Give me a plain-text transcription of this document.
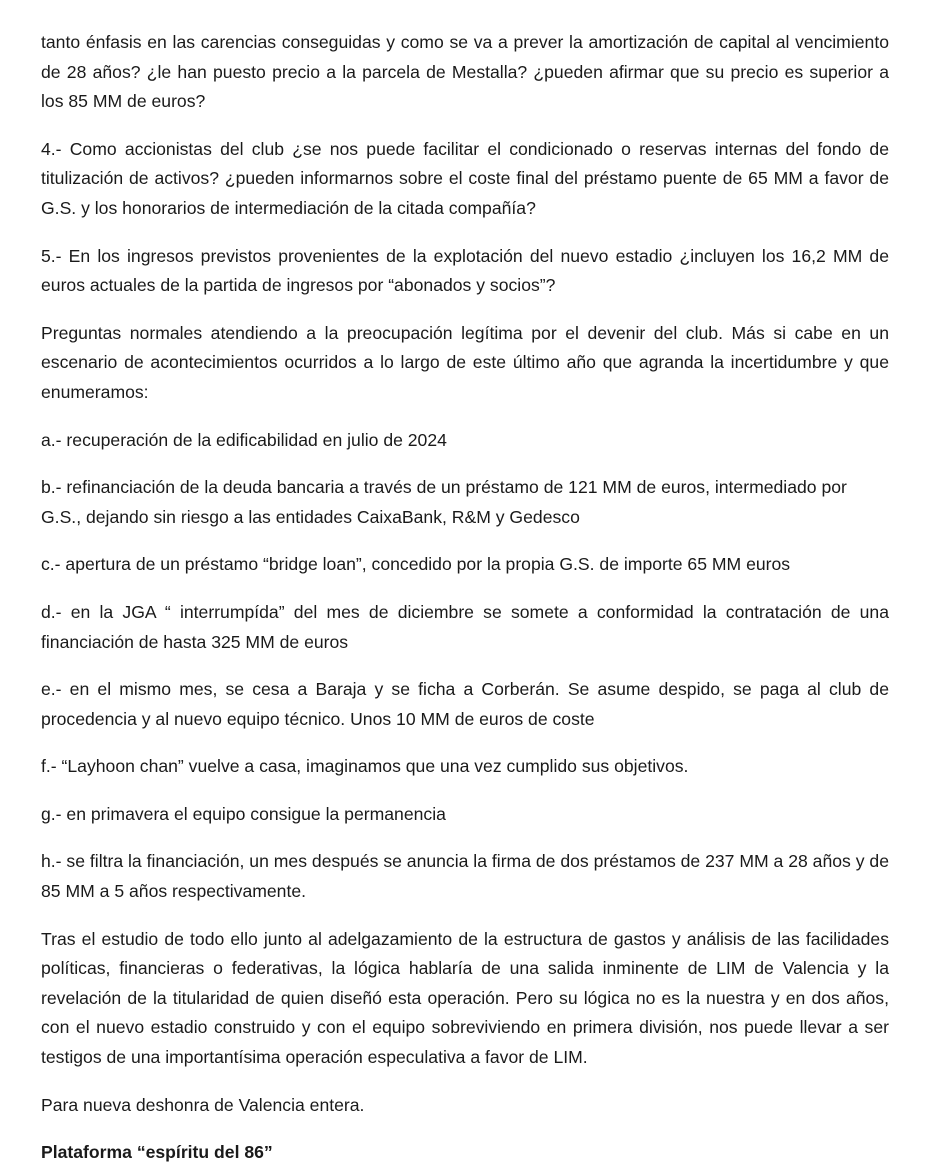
tanto énfasis en las carencias conseguidas y como se va a prever la amortización de capital al vencimiento de 28 años? ¿le han puesto precio a la parcela de Mestalla? ¿pueden afirmar que su precio es superior a los 85 MM de euros?

4.- Como accionistas del club ¿se nos puede facilitar el condicionado o reservas internas del fondo de titulización de activos? ¿pueden informarnos sobre el coste final del préstamo puente de 65 MM a favor de G.S. y los honorarios de intermediación de la citada compañía?

5.- En los ingresos previstos provenientes de la explotación del nuevo estadio ¿incluyen los 16,2 MM de euros actuales de la partida de ingresos por “abonados y socios”?

Preguntas normales atendiendo a la preocupación legítima por el devenir del club. Más si cabe en un escenario de acontecimientos ocurridos a lo largo de este último año que agranda la incertidumbre y que enumeramos:

a.- recuperación de la edificabilidad en julio de 2024

b.- refinanciación de la deuda bancaria a través de un préstamo de 121 MM de euros, intermediado por G.S., dejando sin riesgo a las entidades CaixaBank, R&M y Gedesco

c.- apertura de un préstamo “bridge loan”, concedido por la propia G.S. de importe 65 MM euros

d.- en la JGA “ interrumpída” del mes de diciembre se somete a conformidad la contratación de una financiación de hasta 325 MM de euros

e.- en el mismo mes, se cesa a Baraja y se ficha a Corberán. Se asume despido, se paga al club de procedencia y al nuevo equipo técnico. Unos 10 MM de euros de coste

f.- “Layhoon chan” vuelve a casa, imaginamos que una vez cumplido sus objetivos.

g.- en primavera el equipo consigue la permanencia

h.- se filtra la financiación, un mes después se anuncia la firma de dos préstamos de 237 MM a 28 años y de 85 MM a 5 años respectivamente.

Tras el estudio de todo ello junto al adelgazamiento de la estructura de gastos y análisis de las facilidades políticas, financieras o federativas, la lógica hablaría de una salida inminente de LIM de Valencia y la revelación de la titularidad de quien diseñó esta operación. Pero su lógica no es la nuestra y en dos años, con el nuevo estadio construido y con el equipo sobreviviendo en primera división, nos puede llevar a ser testigos de una importantísima operación especulativa a favor de LIM.

Para nueva deshonra de Valencia entera.

Plataforma “espíritu del 86”
